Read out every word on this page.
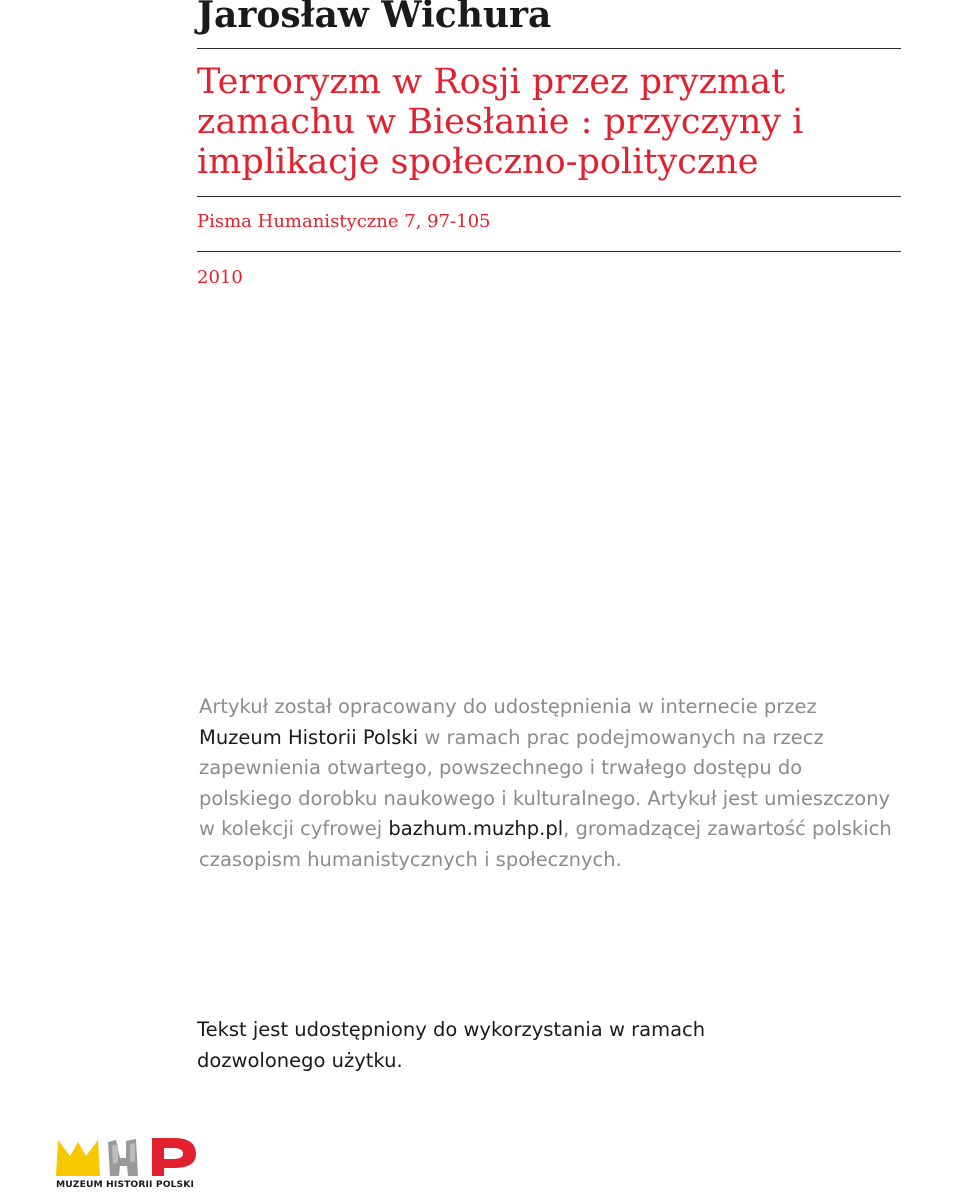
Jarosław Wichura
Terroryzm w Rosji przez pryzmat zamachu w Biesłanie : przyczyny i implikacje społeczno-polityczne
Pisma Humanistyczne 7, 97-105
2010

Artykuł został opracowany do udostępnienia w internecie przez Muzeum Historii Polski w ramach prac podejmowanych na rzecz zapewnienia otwartego, powszechnego i trwałego dostępu do polskiego dorobku naukowego i kulturalnego. Artykuł jest umieszczony w kolekcji cyfrowej bazhum.muzhp.pl, gromadzącej zawartość polskich czasopism humanistycznych i społecznych.

Tekst jest udostępniony do wykorzystania w ramach dozwolonego użytku.

MUZEUM HISTORII POLSKI
